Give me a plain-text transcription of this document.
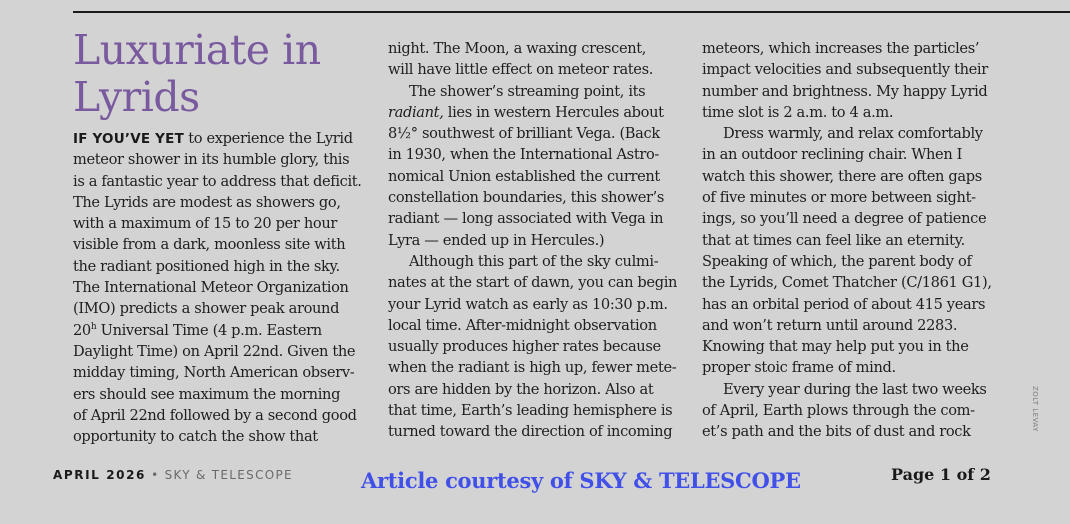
Luxuriate in
Lyrids
IF YOU’VE YET to experience the Lyrid
meteor shower in its humble glory, this
is a fantastic year to address that deficit.
The Lyrids are modest as showers go,
with a maximum of 15 to 20 per hour
visible from a dark, moonless site with
the radiant positioned high in the sky.
The International Meteor Organization
(IMO) predicts a shower peak around
20$^h$ Universal Time (4 p.m. Eastern
Daylight Time) on April 22nd. Given the
midday timing, North American observ-
ers should see maximum the morning
of April 22nd followed by a second good
opportunity to catch the show that
night. The Moon, a waxing crescent,
will have little effect on meteor rates.
The shower’s streaming point, its
radiant, lies in western Hercules about
8½° southwest of brilliant Vega. (Back
in 1930, when the International Astro-
nomical Union established the current
constellation boundaries, this shower’s
radiant — long associated with Vega in
Lyra — ended up in Hercules.)
Although this part of the sky culmi-
nates at the start of dawn, you can begin
your Lyrid watch as early as 10:30 p.m.
local time. After-midnight observation
usually produces higher rates because
when the radiant is high up, fewer mete-
ors are hidden by the horizon. Also at
that time, Earth’s leading hemisphere is
turned toward the direction of incoming
meteors, which increases the particles’
impact velocities and subsequently their
number and brightness. My happy Lyrid
time slot is 2 a.m. to 4 a.m.
Dress warmly, and relax comfortably
in an outdoor reclining chair. When I
watch this shower, there are often gaps
of five minutes or more between sight-
ings, so you’ll need a degree of patience
that at times can feel like an eternity.
Speaking of which, the parent body of
the Lyrids, Comet Thatcher (C/1861 G1),
has an orbital period of about 415 years
and won’t return until around 2283.
Knowing that may help put you in the
proper stoic frame of mind.
Every year during the last two weeks
of April, Earth plows through the com-
et’s path and the bits of dust and rock	ZOLT LEVAY
APRIL 2026 • SKY & TELESCOPE	Article courtesy of SKY & TELESCOPE	Page 1 of 2
